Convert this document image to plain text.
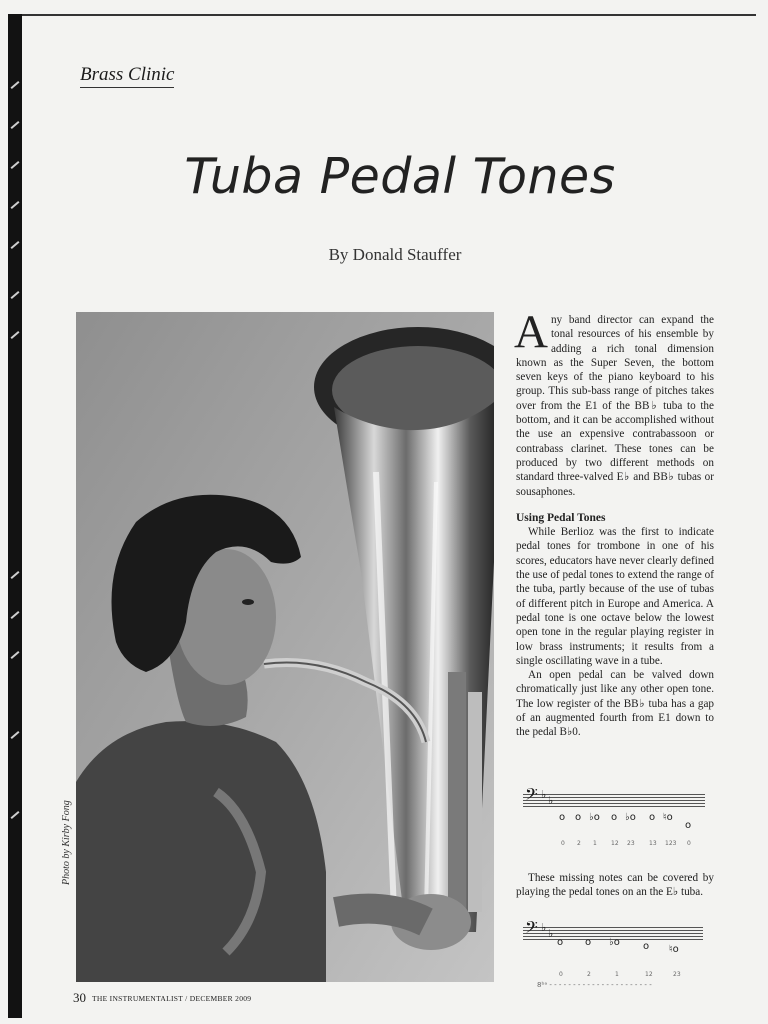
Brass Clinic
Tuba Pedal Tones
By Donald Stauffer
Photo by Kirby Fong

Any band director can expand the tonal resources of his ensemble by adding a rich tonal dimension known as the Super Seven, the bottom seven keys of the piano keyboard to his group. This sub-bass range of pitches takes over from the E1 of the BB♭ tuba to the bottom, and it can be accomplished without the use an expensive contrabassoon or contrabass clarinet. These tones can be produced by two different methods on standard three-valved E♭ and BB♭ tubas or sousaphones.

Using Pedal Tones

While Berlioz was the first to indicate pedal tones for trombone in one of his scores, educators have never clearly defined the use of pedal tones to extend the range of the tuba, partly because of the use of tubas of different pitch in Europe and America. A pedal tone is one octave below the lowest open tone in the regular playing register in low brass instruments; it results from a single oscillating wave in a tube.

An open pedal can be valved down chromatically just like any other open tone. The low register of the BB♭ tuba has a gap of an augmented fourth from E1 down to the pedal B♭0.

𝄢 ♭ ♭
o o ♭o o ♭o o ♮o
o
0 2 1 12 23 13 123 0
These missing notes can be covered by playing the pedal tones on an the E♭ tuba.
𝄢 ♭ ♭
o o ♭o o ♮o
0	2	1	12	23
8ᵇᵃ - - - - - - - - - - - - - - - - - - - - - -
30 THE INSTRUMENTALIST / DECEMBER 2009
